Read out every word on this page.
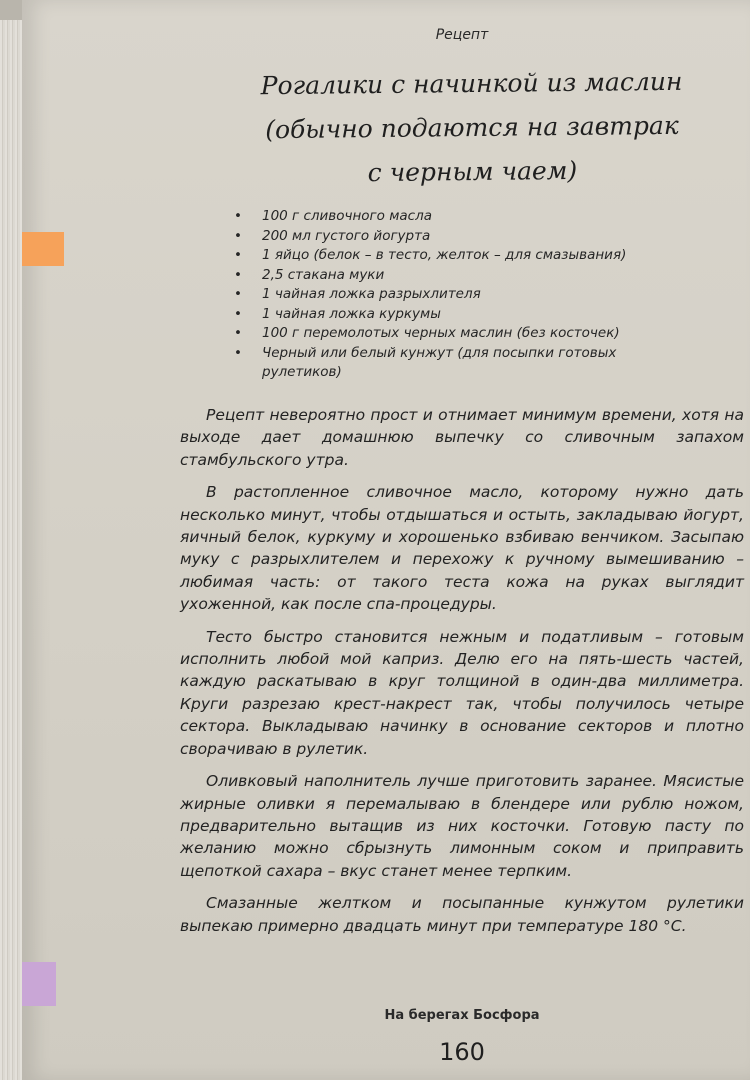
Рецепт
Рогалики с начинкой из маслин
(обычно подаются на завтрак
с черным чаем)
• 100 г сливочного масла
• 200 мл густого йогурта
• 1 яйцо (белок – в тесто, желток – для смазывания)
• 2,5 стакана муки
• 1 чайная ложка разрыхлителя
• 1 чайная ложка куркумы
• 100 г перемолотых черных маслин (без косточек)
• Черный или белый кунжут (для посыпки готовых рулетиков)

Рецепт невероятно прост и отнимает минимум времени, хотя на выходе дает домашнюю выпечку со сливочным запахом стамбульского утра.

В растопленное сливочное масло, которому нужно дать несколько минут, чтобы отдышаться и остыть, закладываю йогурт, яичный белок, куркуму и хорошенько взбиваю венчиком. Засыпаю муку с разрыхлителем и перехожу к ручному вымешиванию – любимая часть: от такого теста кожа на руках выглядит ухоженной, как после спа-процедуры.

Тесто быстро становится нежным и податливым – готовым исполнить любой мой каприз. Делю его на пять-шесть частей, каждую раскатываю в круг толщиной в один-два миллиметра. Круги разрезаю крест-накрест так, чтобы получилось четыре сектора. Выкладываю начинку в основание секторов и плотно сворачиваю в рулетик.

Оливковый наполнитель лучше приготовить заранее. Мясистые жирные оливки я перемалываю в блендере или рублю ножом, предварительно вытащив из них косточки. Готовую пасту по желанию можно сбрызнуть лимонным соком и приправить щепоткой сахара – вкус станет менее терпким.

Смазанные желтком и посыпанные кунжутом рулетики выпекаю примерно двадцать минут при температуре 180 °C.

На берегах Босфора
160
